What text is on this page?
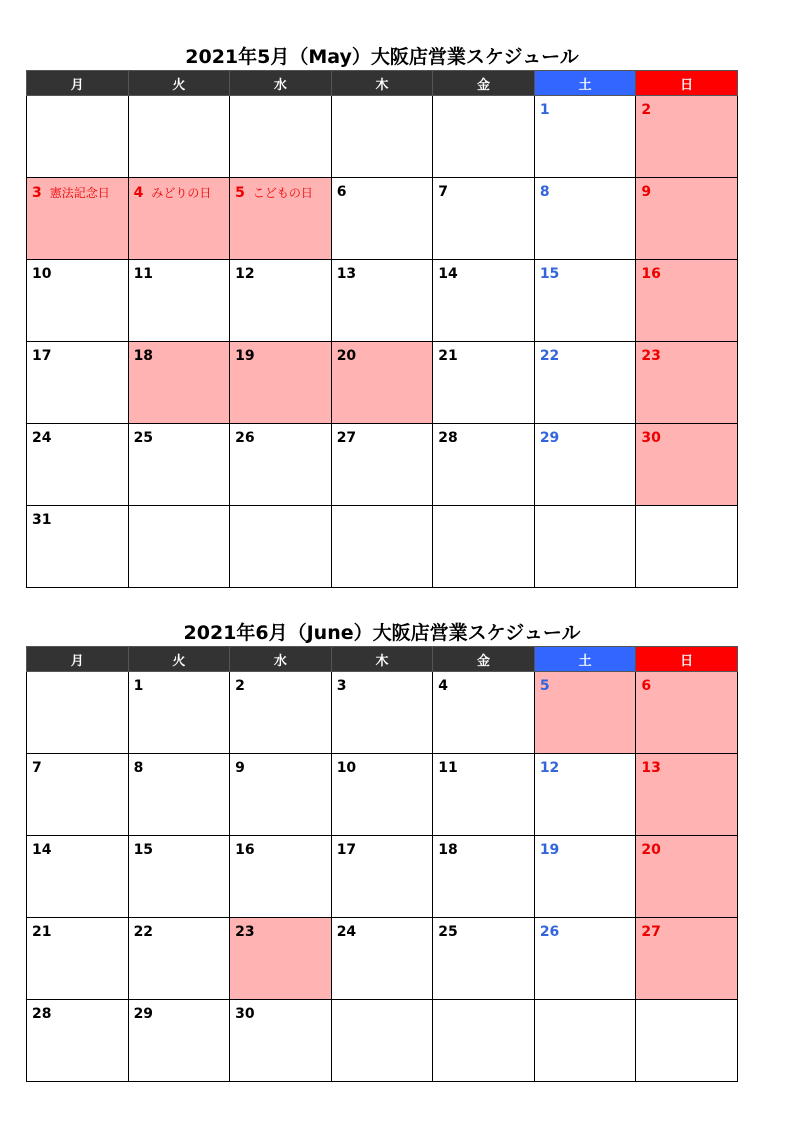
2021年5月（May）大阪店営業スケジュール
月	火	水	木	金	土	日

					1	2

3 憲法記念日	4 みどりの日	5 こどもの日	6	7	8	9

10	11	12	13	14	15	16

17	18	19	20	21	22	23

24	25	26	27	28	29	30

31						

2021年6月（June）大阪店営業スケジュール
月	火	水	木	金	土	日

	1	2	3	4	5	6

7	8	9	10	11	12	13

14	15	16	17	18	19	20

21	22	23	24	25	26	27

28	29	30				
